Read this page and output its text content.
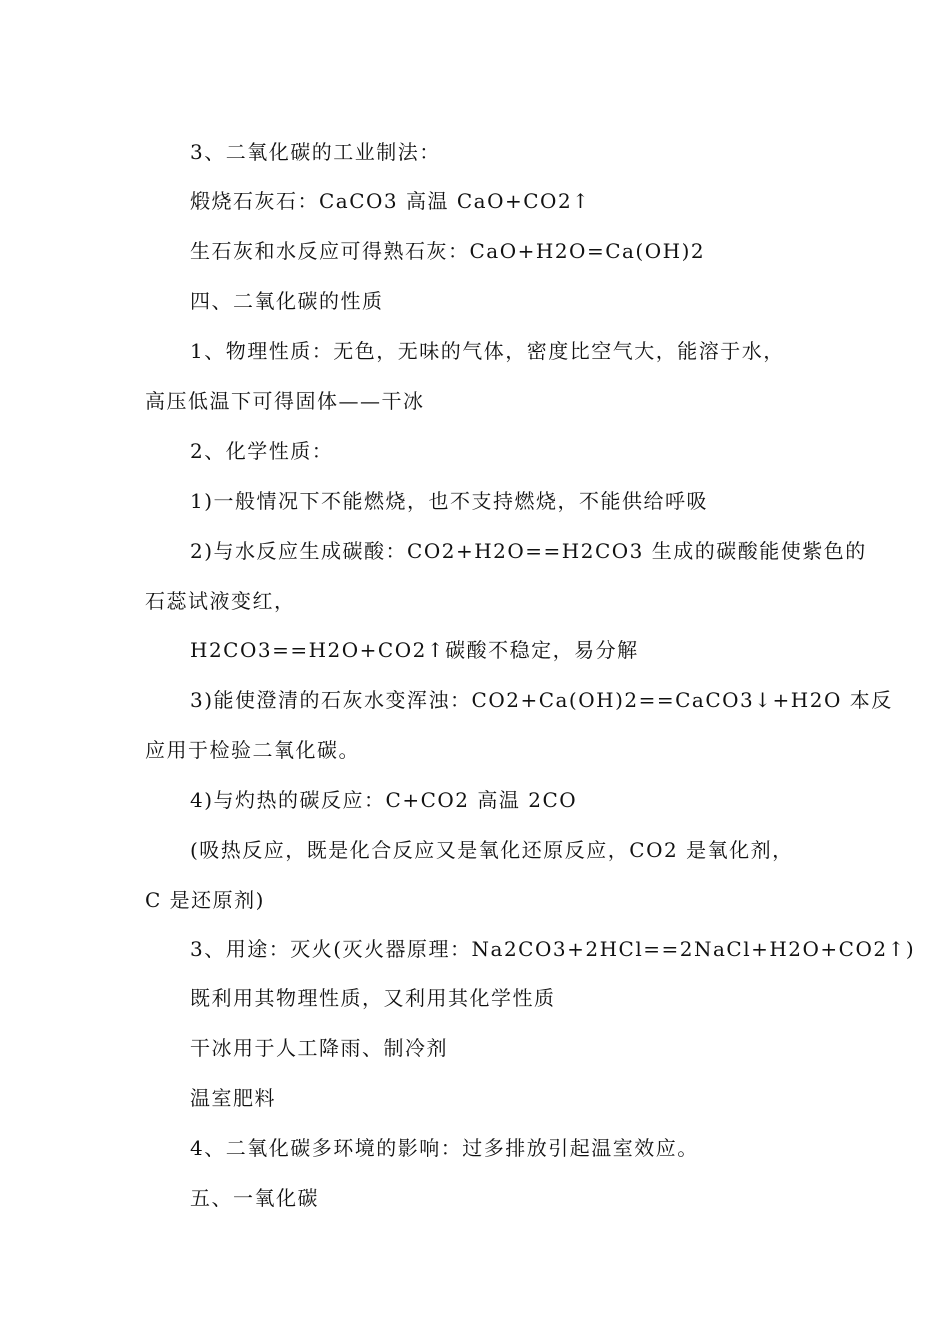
3、二氧化碳的工业制法：
煅烧石灰石：CaCO3 高温 CaO+CO2↑
生石灰和水反应可得熟石灰：CaO+H2O=Ca(OH)2
四、二氧化碳的性质
1、物理性质：无色，无味的气体，密度比空气大，能溶于水，
高压低温下可得固体——干冰
2、化学性质：
1)一般情况下不能燃烧，也不支持燃烧，不能供给呼吸
2)与水反应生成碳酸：CO2+H2O==H2CO3 生成的碳酸能使紫色的
石蕊试液变红，
H2CO3==H2O+CO2↑碳酸不稳定，易分解
3)能使澄清的石灰水变浑浊：CO2+Ca(OH)2==CaCO3↓+H2O 本反
应用于检验二氧化碳。
4)与灼热的碳反应：C+CO2 高温 2CO
(吸热反应，既是化合反应又是氧化还原反应，CO2 是氧化剂，
C 是还原剂)
3、用途：灭火(灭火器原理：Na2CO3+2HCl==2NaCl+H2O+CO2↑)
既利用其物理性质，又利用其化学性质
干冰用于人工降雨、制冷剂
温室肥料
4、二氧化碳多环境的影响：过多排放引起温室效应。
五、一氧化碳
